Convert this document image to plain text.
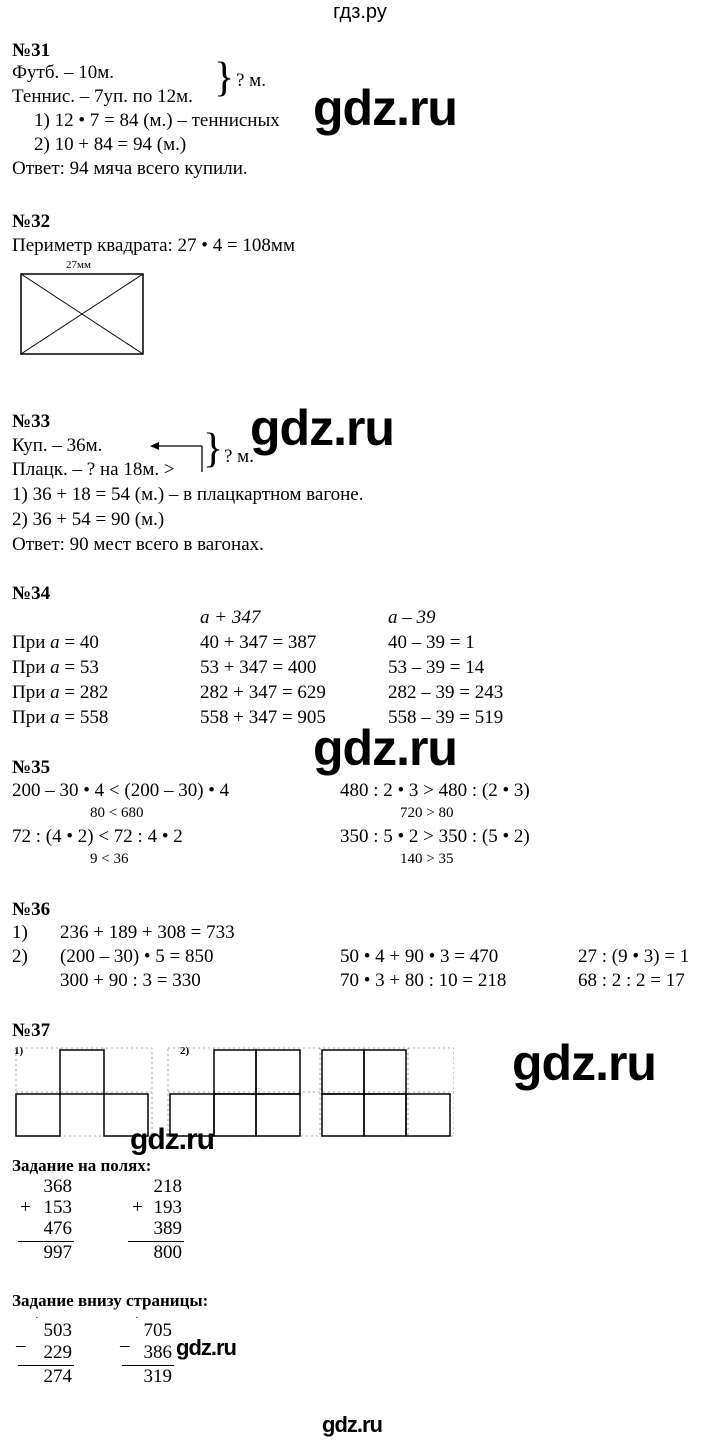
гдз.ру
gdz.ru
gdz.ru
gdz.ru
gdz.ru
gdz.ru
gdz.ru
gdz.ru
№31
Футб. – 10м.
Теннис. – 7уп. по 12м. } ? м.
1) 12 • 7 = 84 (м.) – теннисных
2) 10 + 84 = 94 (м.)
Ответ: 94 мяча всего купили.
№32
Периметр квадрата: 27 • 4 = 108мм
27мм
№33
Куп. – 36м.
Плацк. – ? на 18м. > } ? м.
1) 36 + 18 = 54 (м.) – в плацкартном вагоне.
2) 36 + 54 = 90 (м.)
Ответ: 90 мест всего в вагонах.
№34
a + 347	a – 39
При a = 40	40 + 347 = 387	40 – 39 = 1
При a = 53	53 + 347 = 400	53 – 39 = 14
При a = 282	282 + 347 = 629	282 – 39 = 243
При a = 558	558 + 347 = 905	558 – 39 = 519
№35
200 – 30 • 4 < (200 – 30) • 4
80 < 680
480 : 2 • 3 > 480 : (2 • 3)
720 > 80
72 : (4 • 2) < 72 : 4 • 2
9 < 36
350 : 5 • 2 > 350 : (5 • 2)
140 > 35
№36
1) 236 + 189 + 308 = 733
2) (200 – 30) • 5 = 850	50 • 4 + 90 • 3 = 470	27 : (9 • 3) = 1
300 + 90 : 3 = 330	70 • 3 + 80 : 10 = 218	68 : 2 : 2 = 17
№37
1)	2)
Задание на полях:
368
+ 153
476
997
218
+ 193
389
800
Задание внизу страницы:
503
·
– 229
274
705
·
– 386
319
